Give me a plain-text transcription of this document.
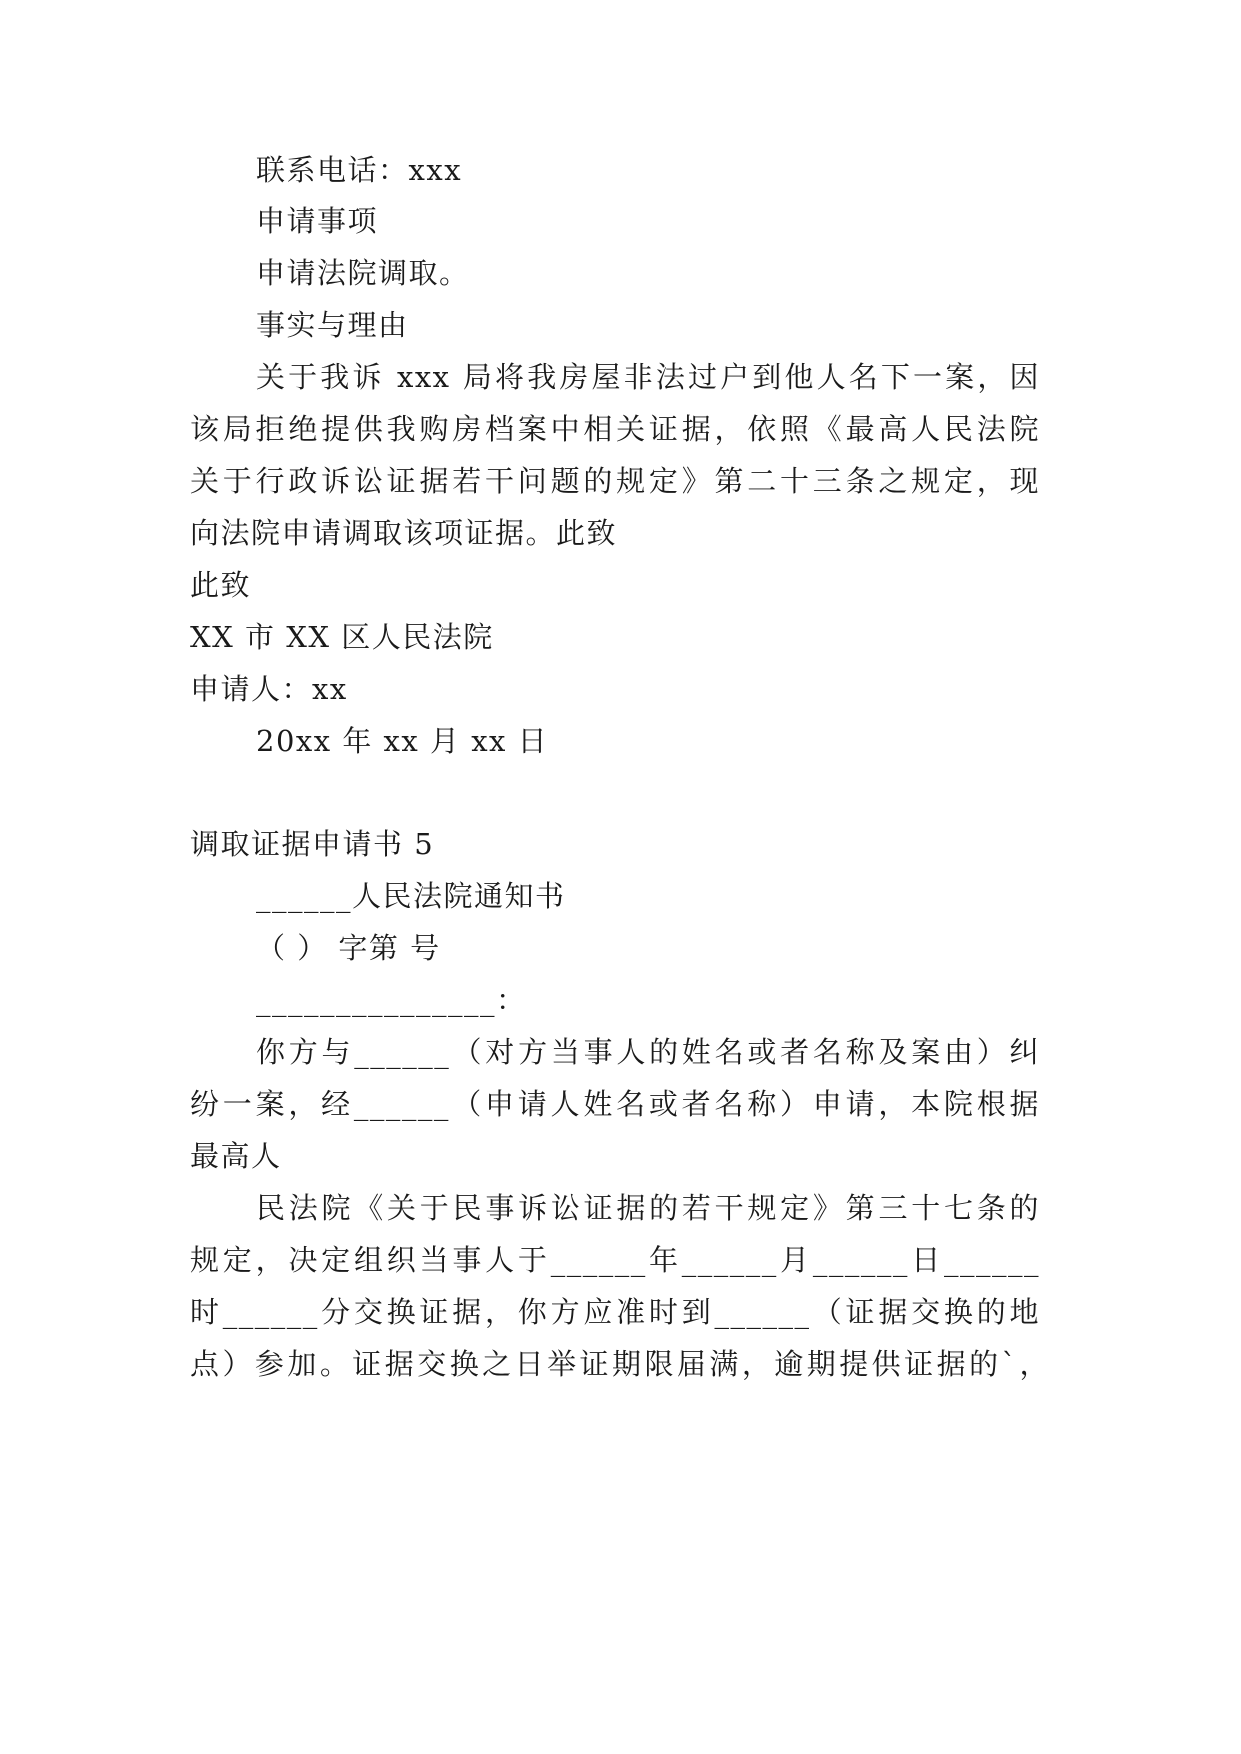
联系电话：xxx
申请事项
申请法院调取。
事实与理由
关于我诉 xxx 局将我房屋非法过户到他人名下一案，因
该局拒绝提供我购房档案中相关证据，依照《最高人民法院
关于行政诉讼证据若干问题的规定》第二十三条之规定，现
向法院申请调取该项证据。此致
此致
XX 市 XX 区人民法院
申请人：xx
20xx 年 xx 月 xx 日
调取证据申请书 5
______人民法院通知书
（ ） 字第 号
_______________：
你方与______（对方当事人的姓名或者名称及案由）纠
纷一案，经______（申请人姓名或者名称）申请，本院根据
最高人
民法院《关于民事诉讼证据的若干规定》第三十七条的
规定，决定组织当事人于______年______月______日______
时______分交换证据，你方应准时到______（证据交换的地
点）参加。证据交换之日举证期限届满，逾期提供证据的`，
